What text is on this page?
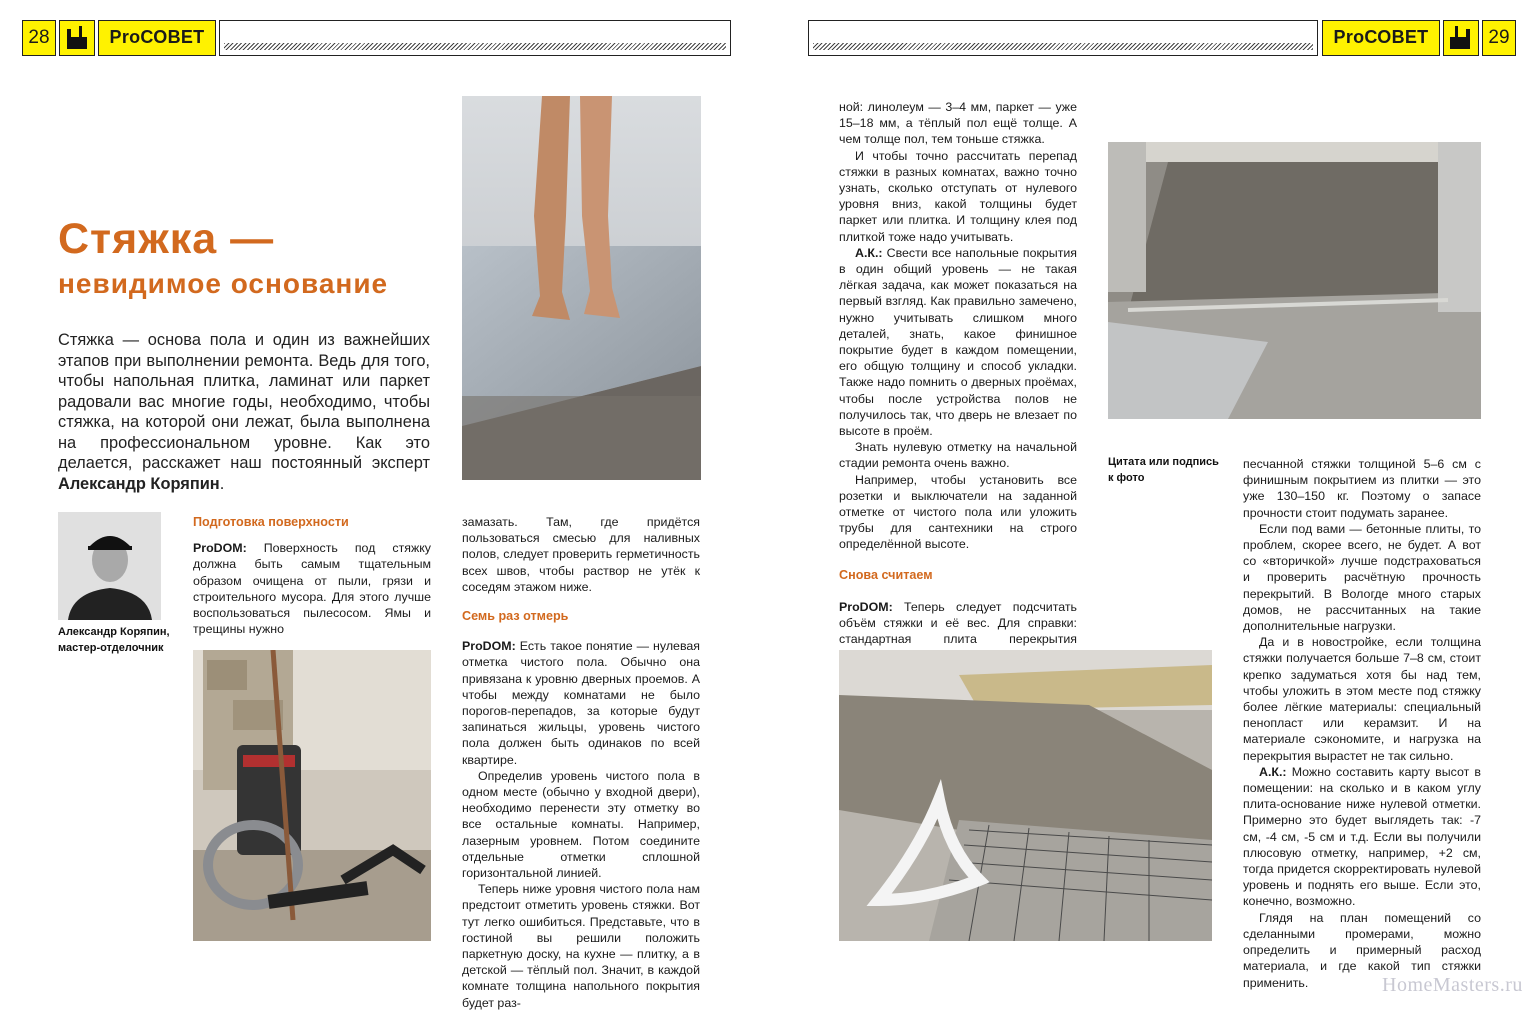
28	ProСОВЕТ	ProСОВЕТ	29
Стяжка —
невидимое основание
Стяжка — основа пола и один из важнейших этапов при выполнении ремонта. Ведь для того, чтобы напольная плитка, ламинат или паркет радовали вас многие годы, необходимо, чтобы стяжка, на которой они лежат, была выполнена на профессиональном уровне. Как это делается, расскажет наш постоянный эксперт Александр Коряпин.
Александр Коряпин,
мастер-отделочник
Подготовка поверхности

ProDOM: Поверхность под стяжку должна быть самым тщательным образом очищена от пыли, грязи и строительного мусора. Для этого лучше воспользоваться пылесосом. Ямы и трещины нужно

замазать. Там, где придётся пользоваться смесью для наливных полов, следует проверить герметичность всех швов, чтобы раствор не утёк к соседям этажом ниже.

Семь раз отмерь

ProDOM: Есть такое понятие — нулевая отметка чистого пола. Обычно она привязана к уровню дверных проемов. А чтобы между комнатами не было порогов-перепадов, за которые будут запинаться жильцы, уровень чистого пола должен быть одинаков по всей квартире.

Определив уровень чистого пола в одном месте (обычно у входной двери), необходимо перенести эту отметку во все остальные комнаты. Например, лазерным уровнем. Потом соедините отдельные отметки сплошной горизонтальной линией.

Теперь ниже уровня чистого пола нам предстоит отметить уровень стяжки. Вот тут легко ошибиться. Представьте, что в гостиной вы решили положить паркетную доску, на кухне — плитку, а в детской — тёплый пол. Значит, в каждой комнате толщина напольного покрытия будет раз-

ной: линолеум — 3–4 мм, паркет — уже 15–18 мм, а тёплый пол ещё толще. А чем толще пол, тем тоньше стяжка.

И чтобы точно рассчитать перепад стяжки в разных комнатах, важно точно узнать, сколько отступать от нулевого уровня вниз, какой толщины будет паркет или плитка. И толщину клея под плиткой тоже надо учитывать.

А.К.: Свести все напольные покрытия в один общий уровень — не такая лёгкая задача, как может показаться на первый взгляд. Как правильно замечено, нужно учитывать слишком много деталей, знать, какое финишное покрытие будет в каждом помещении, его общую толщину и способ укладки. Также надо помнить о дверных проёмах, чтобы после устройства полов не получилось так, что дверь не влезает по высоте в проём.

Знать нулевую отметку на начальной стадии ремонта очень важно.

Например, чтобы установить все розетки и выключатели на заданной отметке от чистого пола или уложить трубы для сантехники на строго определённой высоте.

Снова считаем

ProDOM: Теперь следует подсчитать объём стяжки и её вес. Для справки: стандартная плита перекрытия

Цитата или подпись
к фото

песчанной стяжки толщиной 5–6 см с финишным покрытием из плитки — это уже 130–150 кг. Поэтому о запасе прочности стоит подумать заранее.

Если под вами — бетонные плиты, то проблем, скорее всего, не будет. А вот со «вторичкой» лучше подстраховаться и проверить расчётную прочность перекрытий. В Вологде много старых домов, не рассчитанных на такие дополнительные нагрузки.

Да и в новостройке, если толщина стяжки получается больше 7–8 см, стоит крепко задуматься хотя бы над тем, чтобы уложить в этом месте под стяжку более лёгкие материалы: специальный пенопласт или керамзит. И на материале сэкономите, и нагрузка на перекрытия вырастет не так сильно.

А.К.: Можно составить карту высот в помещении: на сколько и в каком углу плита-основание ниже нулевой отметки. Примерно это будет выглядеть так: -7 см, -4 см, -5 см и т.д. Если вы получили плюсовую отметку, например, +2 см, тогда придется скорректировать нулевой уровень и поднять его выше. Если это, конечно, возможно.

Глядя на план помещений со сделанными промерами, можно определить и примерный расход материала, и где какой тип стяжки применить.	HomeMasters.ru
